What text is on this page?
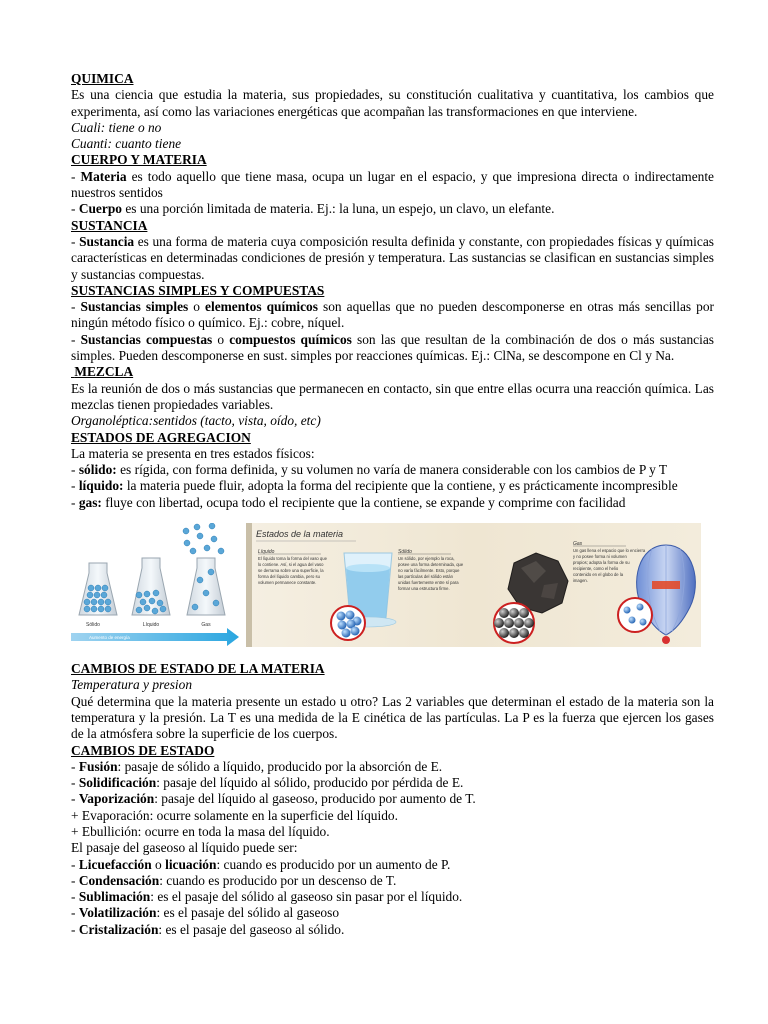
QUIMICA
Es una ciencia que estudia la materia, sus propiedades, su constitución cualitativa y cuantitativa, los cambios que experimenta, así como las variaciones energéticas que acompañan las transformaciones en que interviene.
Cuali: tiene o no
Cuanti: cuanto tiene
CUERPO Y MATERIA
- Materia es todo aquello que tiene masa, ocupa un lugar en el espacio, y que impresiona directa o indirectamente nuestros sentidos
- Cuerpo es una porción limitada de materia. Ej.: la luna, un espejo, un clavo, un elefante.
SUSTANCIA
- Sustancia es una forma de materia cuya composición resulta definida y constante, con propiedades físicas y químicas características en determinadas condiciones de presión y temperatura. Las sustancias se clasifican en sustancias simples y sustancias compuestas.
SUSTANCIAS SIMPLES Y COMPUESTAS
- Sustancias simples o elementos químicos son aquellas que no pueden descomponerse en otras más sencillas por ningún método físico o químico. Ej.: cobre, níquel.
- Sustancias compuestas o compuestos químicos son las que resultan de la combinación de dos o más sustancias simples. Pueden descomponerse en sust. simples por reacciones químicas. Ej.: ClNa, se descompone en Cl y Na.
MEZCLA
Es la reunión de dos o más sustancias que permanecen en contacto, sin que entre ellas ocurra una reacción química. Las mezclas tienen propiedades variables.
Organoléptica:sentidos (tacto, vista, oído, etc)
ESTADOS DE AGREGACION
La materia se presenta en tres estados físicos:
- sólido: es rígida, con forma definida, y su volumen no varía de manera considerable con los cambios de P y T
- líquido: la materia puede fluir, adopta la forma del recipiente que la contiene, y es prácticamente incompresible
- gas: fluye con libertad, ocupa todo el recipiente que la contiene, se expande y comprime con facilidad
Sólido	Líquido	Gas
Aumento de energía
Estados de la materia
Líquido
El líquido toma la forma del vaso que
lo contiene. Así, si el agua del vaso
se derrama sobre una superficie, la
forma del líquido cambia, pero su
volumen permanece constante.
Sólido
Un sólido, por ejemplo la roca,
posee una forma determinada, que
no varía fácilmente. Esto, porque
las partículas del sólido están
unidas fuertemente entre sí para
formar una estructura firme.
Gas
Un gas llena el espacio que lo encierra
y no posee forma ni volumen
propios; adopta la forma de su
recipiente, como el helio
contenido en el globo de la
imagen.
CAMBIOS DE ESTADO DE LA MATERIA
Temperatura y presion
Qué determina que la materia presente un estado u otro? Las 2 variables que determinan el estado de la materia son la temperatura y la presión. La T es una medida de la E cinética de las partículas. La P es la fuerza que ejercen los gases de la atmósfera sobre la superficie de los cuerpos.
CAMBIOS DE ESTADO
- Fusión: pasaje de sólido a líquido, producido por la absorción de E.
- Solidificación: pasaje del líquido al sólido, producido por pérdida de E.
- Vaporización: pasaje del líquido al gaseoso, producido por aumento de T.
+ Evaporación: ocurre solamente en la superficie del líquido.
+ Ebullición: ocurre en toda la masa del líquido.
El pasaje del gaseoso al líquido puede ser:
- Licuefacción o licuación: cuando es producido por un aumento de P.
- Condensación: cuando es producido por un descenso de T.
- Sublimación: es el pasaje del sólido al gaseoso sin pasar por el líquido.
- Volatilización: es el pasaje del sólido al gaseoso
- Cristalización: es el pasaje del gaseoso al sólido.
